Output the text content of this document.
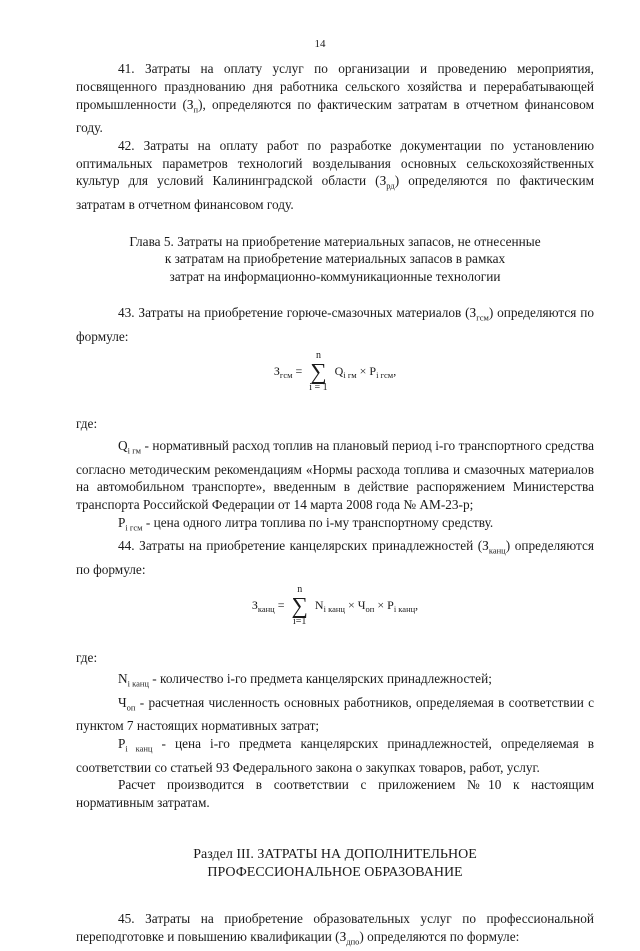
14

41. Затраты на оплату услуг по организации и проведению мероприятия, посвященного празднованию дня работника сельского хозяйства и перерабатывающей промышленности $(З_п)$, определяются по фактическим затратам в отчетном финансовом году.

42. Затраты на оплату работ по разработке документации по установлению оптимальных параметров технологий возделывания основных сельскохозяйственных культур для условий Калининградской области $(З_{рд})$ определяются по фактическим затратам в отчетном финансовом году.

Глава 5. Затраты на приобретение материальных запасов, не отнесенные
к затратам на приобретение материальных запасов в рамках
затрат на информационно-коммуникационные технологии

43. Затраты на приобретение горюче-смазочных материалов $(З_{гсм})$ определяются по формуле:

$З_{гсм} = n$
∑
i = 1 $Q_{i гм} \times P_{i гсм}$,

где:

$Q_{i гм}$ - нормативный расход топлив на плановый период i-го транспортного средства согласно методическим рекомендациям «Нормы расхода топлива и смазочных материалов на автомобильном транспорте», введенным в действие распоряжением Министерства транспорта Российской Федерации от 14 марта 2008 года № АМ-23-р;

$P_{i гсм}$ - цена одного литра топлива по i-му транспортному средству.

44. Затраты на приобретение канцелярских принадлежностей $(З_{канц})$ определяются по формуле:

$З_{канц} = n$
∑
i=1 $N_{i канц} \times Ч_{оп} \times P_{i канц}$,

где:

$N_{i канц}$ - количество i-го предмета канцелярских принадлежностей;

$Ч_{оп}$ - расчетная численность основных работников, определяемая в соответствии с пунктом 7 настоящих нормативных затрат;

$P_{i канц}$ - цена i-го предмета канцелярских принадлежностей, определяемая в соответствии со статьей 93 Федерального закона о закупках товаров, работ, услуг.

Расчет производится в соответствии с приложением №10 к настоящим нормативным затратам.

Раздел III. ЗАТРАТЫ НА ДОПОЛНИТЕЛЬНОЕ
ПРОФЕССИОНАЛЬНОЕ ОБРАЗОВАНИЕ

45. Затраты на приобретение образовательных услуг по профессиональной переподготовке и повышению квалификации $(З_{дпо})$ определяются по формуле:
